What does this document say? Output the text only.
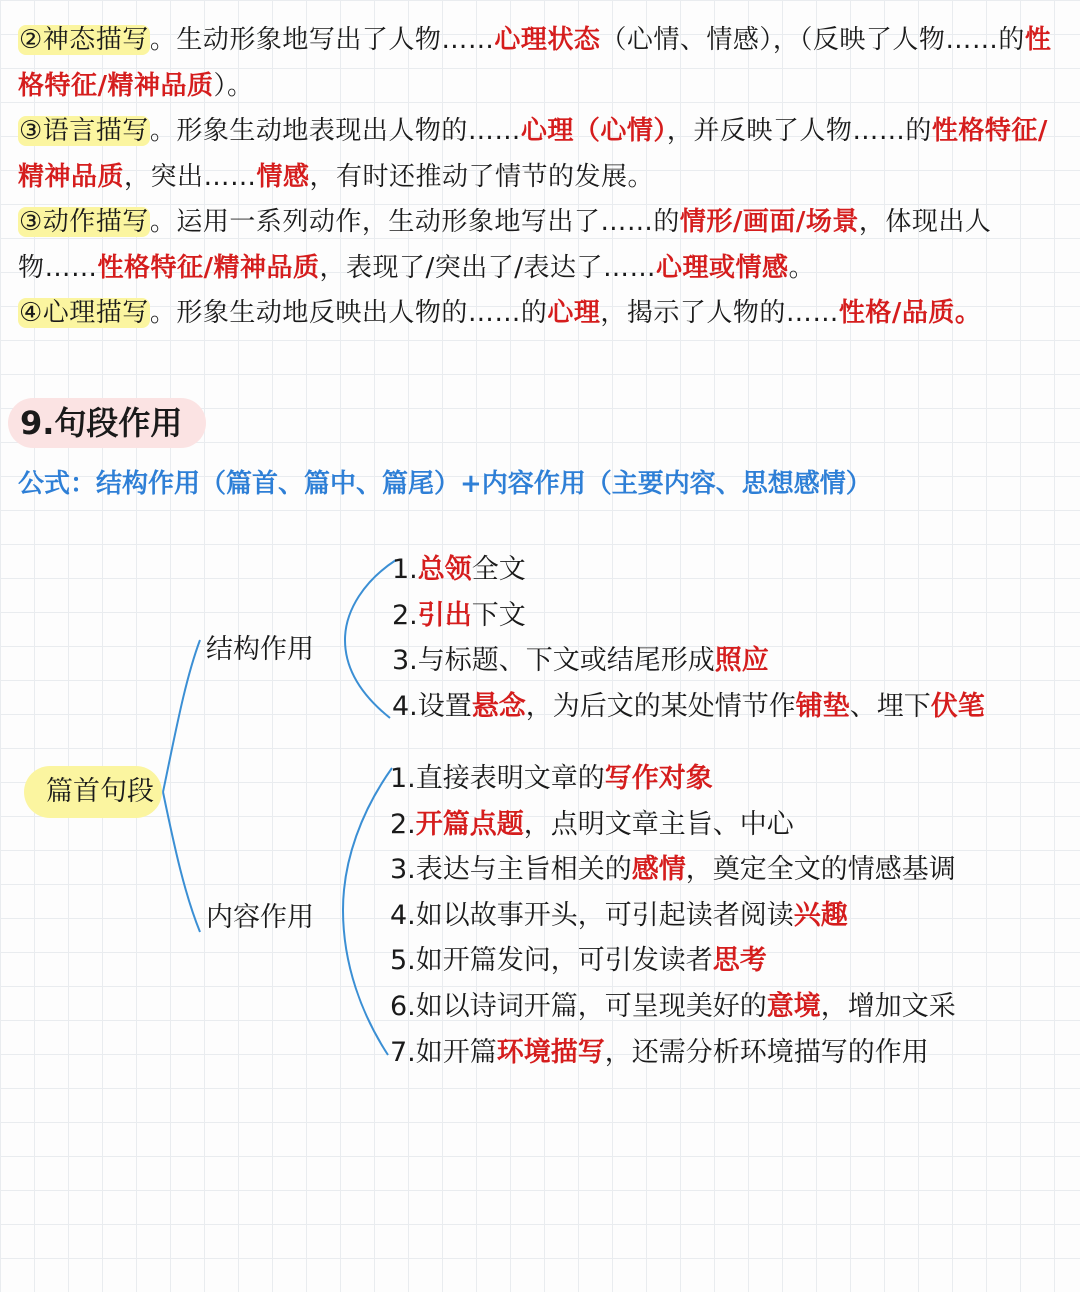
②神态描写。生动形象地写出了人物……心理状态（心情、情感），（反映了人物……的性格特征/精神品质）。

③语言描写。形象生动地表现出人物的……心理（心情），并反映了人物……的性格特征/精神品质，突出……情感，有时还推动了情节的发展。

③动作描写。运用一系列动作，生动形象地写出了……的情形/画面/场景，体现出人物……性格特征/精神品质，表现了/突出了/表达了……心理或情感。

④心理描写。形象生动地反映出人物的……的心理，揭示了人物的……性格/品质。

9.句段作用
公式：结构作用（篇首、篇中、篇尾）+内容作用（主要内容、思想感情）
篇首句段
结构作用
内容作用
1.总领全文
2.引出下文
3.与标题、下文或结尾形成照应
4.设置悬念，为后文的某处情节作铺垫、埋下伏笔
1.直接表明文章的写作对象
2.开篇点题，点明文章主旨、中心
3.表达与主旨相关的感情，奠定全文的情感基调
4.如以故事开头，可引起读者阅读兴趣
5.如开篇发问，可引发读者思考
6.如以诗词开篇，可呈现美好的意境，增加文采
7.如开篇环境描写，还需分析环境描写的作用
